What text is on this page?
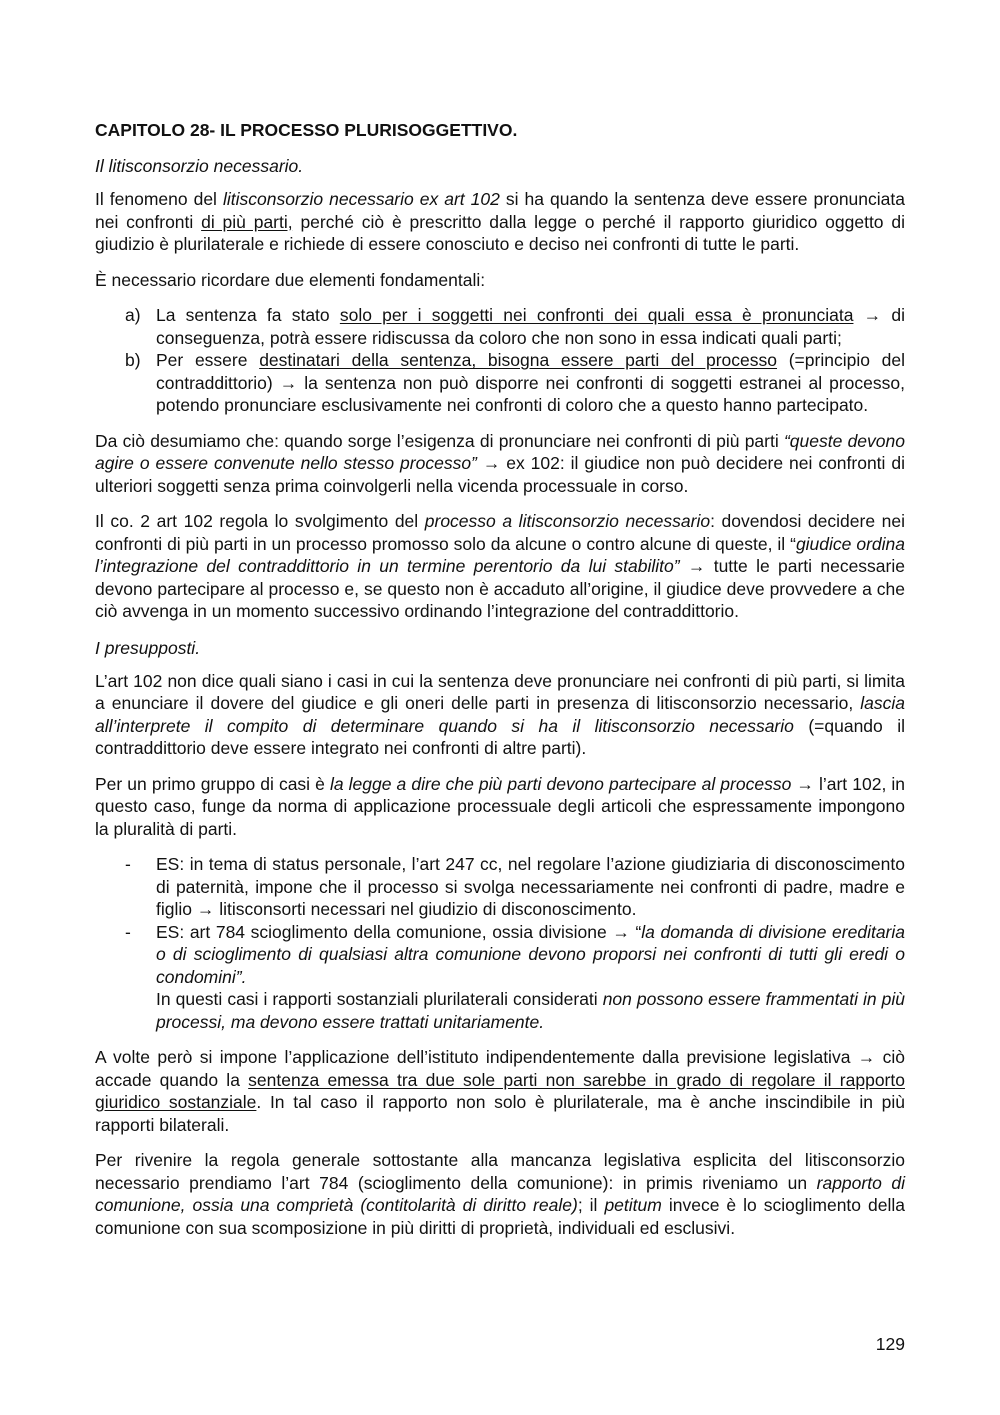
CAPITOLO 28- IL PROCESSO PLURISOGGETTIVO.
Il litisconsorzio necessario.

Il fenomeno del litisconsorzio necessario ex art 102 si ha quando la sentenza deve essere pronunciata nei confronti di più parti, perché ciò è prescritto dalla legge o perché il rapporto giuridico oggetto di giudizio è plurilaterale e richiede di essere conosciuto e deciso nei confronti di tutte le parti.

È necessario ricordare due elementi fondamentali:

a) La sentenza fa stato solo per i soggetti nei confronti dei quali essa è pronunciata → di conseguenza, potrà essere ridiscussa da coloro che non sono in essa indicati quali parti;
b) Per essere destinatari della sentenza, bisogna essere parti del processo (=principio del contraddittorio) → la sentenza non può disporre nei confronti di soggetti estranei al processo, potendo pronunciare esclusivamente nei confronti di coloro che a questo hanno partecipato.

Da ciò desumiamo che: quando sorge l’esigenza di pronunciare nei confronti di più parti “queste devono agire o essere convenute nello stesso processo” → ex 102: il giudice non può decidere nei confronti di ulteriori soggetti senza prima coinvolgerli nella vicenda processuale in corso.

Il co. 2 art 102 regola lo svolgimento del processo a litisconsorzio necessario: dovendosi decidere nei confronti di più parti in un processo promosso solo da alcune o contro alcune di queste, il “giudice ordina l’integrazione del contraddittorio in un termine perentorio da lui stabilito” → tutte le parti necessarie devono partecipare al processo e, se questo non è accaduto all’origine, il giudice deve provvedere a che ciò avvenga in un momento successivo ordinando l’integrazione del contraddittorio.

I presupposti.

L’art 102 non dice quali siano i casi in cui la sentenza deve pronunciare nei confronti di più parti, si limita a enunciare il dovere del giudice e gli oneri delle parti in presenza di litisconsorzio necessario, lascia all’interprete il compito di determinare quando si ha il litisconsorzio necessario (=quando il contraddittorio deve essere integrato nei confronti di altre parti).

Per un primo gruppo di casi è la legge a dire che più parti devono partecipare al processo → l’art 102, in questo caso, funge da norma di applicazione processuale degli articoli che espressamente impongono la pluralità di parti.

- ES: in tema di status personale, l’art 247 cc, nel regolare l’azione giudiziaria di disconoscimento di paternità, impone che il processo si svolga necessariamente nei confronti di padre, madre e figlio → litisconsorti necessari nel giudizio di disconoscimento.
- ES: art 784 scioglimento della comunione, ossia divisione → “la domanda di divisione ereditaria o di scioglimento di qualsiasi altra comunione devono proporsi nei confronti di tutti gli eredi o condomini”.
In questi casi i rapporti sostanziali plurilaterali considerati non possono essere frammentati in più processi, ma devono essere trattati unitariamente.

A volte però si impone l’applicazione dell’istituto indipendentemente dalla previsione legislativa → ciò accade quando la sentenza emessa tra due sole parti non sarebbe in grado di regolare il rapporto giuridico sostanziale. In tal caso il rapporto non solo è plurilaterale, ma è anche inscindibile in più rapporti bilaterali.

Per rivenire la regola generale sottostante alla mancanza legislativa esplicita del litisconsorzio necessario prendiamo l’art 784 (scioglimento della comunione): in primis riveniamo un rapporto di comunione, ossia una comprietà (contitolarità di diritto reale); il petitum invece è lo scioglimento della comunione con sua scomposizione in più diritti di proprietà, individuali ed esclusivi.

129
